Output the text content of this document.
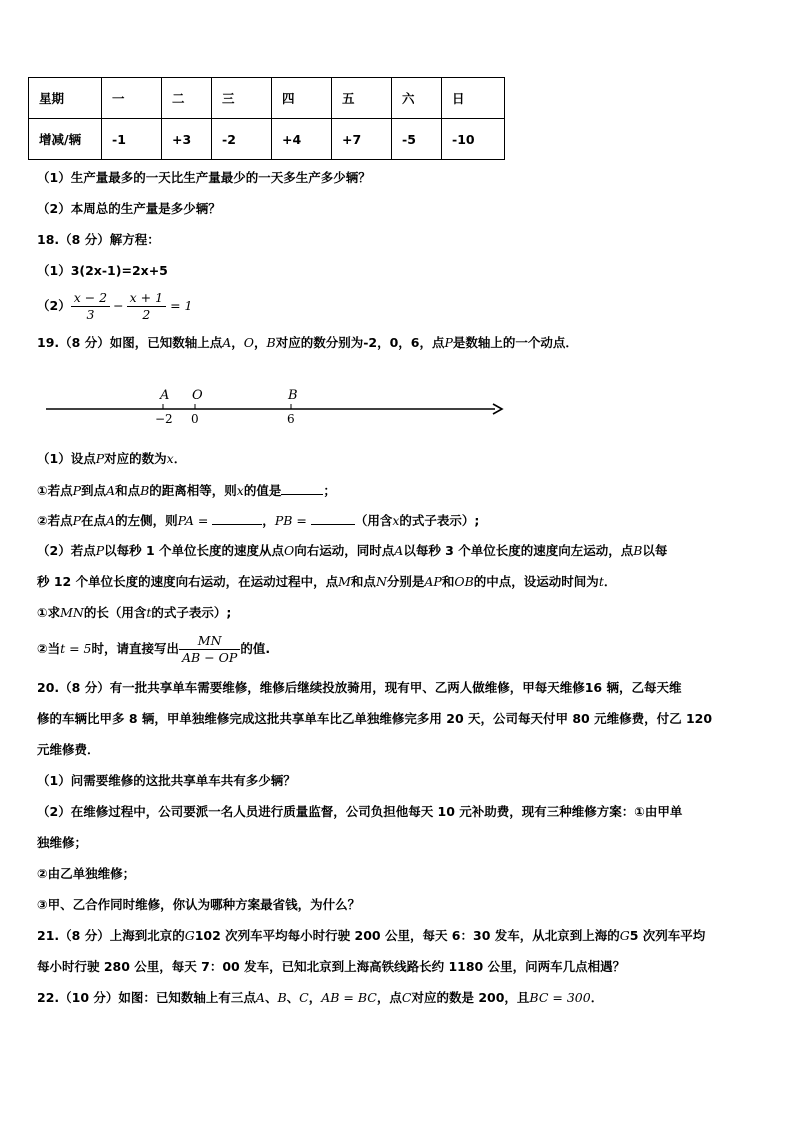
星期	一	二	三	四	五	六	日
增减/辆	-1	+3	-2	+4	+7	-5	-10
（1）生产量最多的一天比生产量最少的一天多生产多少辆？
（2）本周总的生产量是多少辆？
18.（8 分）解方程：
（1）3(2x-1)=2x+5
$(2) \frac{x - 2}{3} - \frac{x + 1}{2} = 1$
19.（8 分）如图，已知数轴上点A，O，B对应的数分别为-2，0，6，点P是数轴上的一个动点．
A
−2
O
0
B
6
（1）设点P对应的数为x．
①若点P到点A和点B的距离相等，则x的值是	；
②若点P在点A的左侧，则PA =	，PB =	（用含x的式子表示）;
（2）若点P以每秒 1 个单位长度的速度从点O向右运动，同时点A以每秒 3 个单位长度的速度向左运动，点B以每
秒 12 个单位长度的速度向右运动，在运动过程中，点M和点N分别是AP和OB的中点，设运动时间为t．
①求MN的长（用含t的式子表示）;
②当t = 5时，请直接写出 $\frac{MN}{AB - OP}$ 的值.
20.（8 分）有一批共享单车需要维修，维修后继续投放骑用，现有甲、乙两人做维修，甲每天维修16 辆，乙每天维
修的车辆比甲多 8 辆，甲单独维修完成这批共享单车比乙单独维修完多用 20 天，公司每天付甲 80 元维修费，付乙 120
元维修费．
（1）问需要维修的这批共享单车共有多少辆？
（2）在维修过程中，公司要派一名人员进行质量监督，公司负担他每天 10 元补助费，现有三种维修方案：①由甲单
独维修；
②由乙单独维修；
③甲、乙合作同时维修，你认为哪种方案最省钱，为什么？
21.（8 分）上海到北京的G102 次列车平均每小时行驶 200 公里，每天 6：30 发车，从北京到上海的G5 次列车平均
每小时行驶 280 公里，每天 7：00 发车，已知北京到上海高铁线路长约 1180 公里，问两车几点相遇？
22.（10 分）如图：已知数轴上有三点A、B、C，AB = BC，点C对应的数是 200，且BC = 300．
